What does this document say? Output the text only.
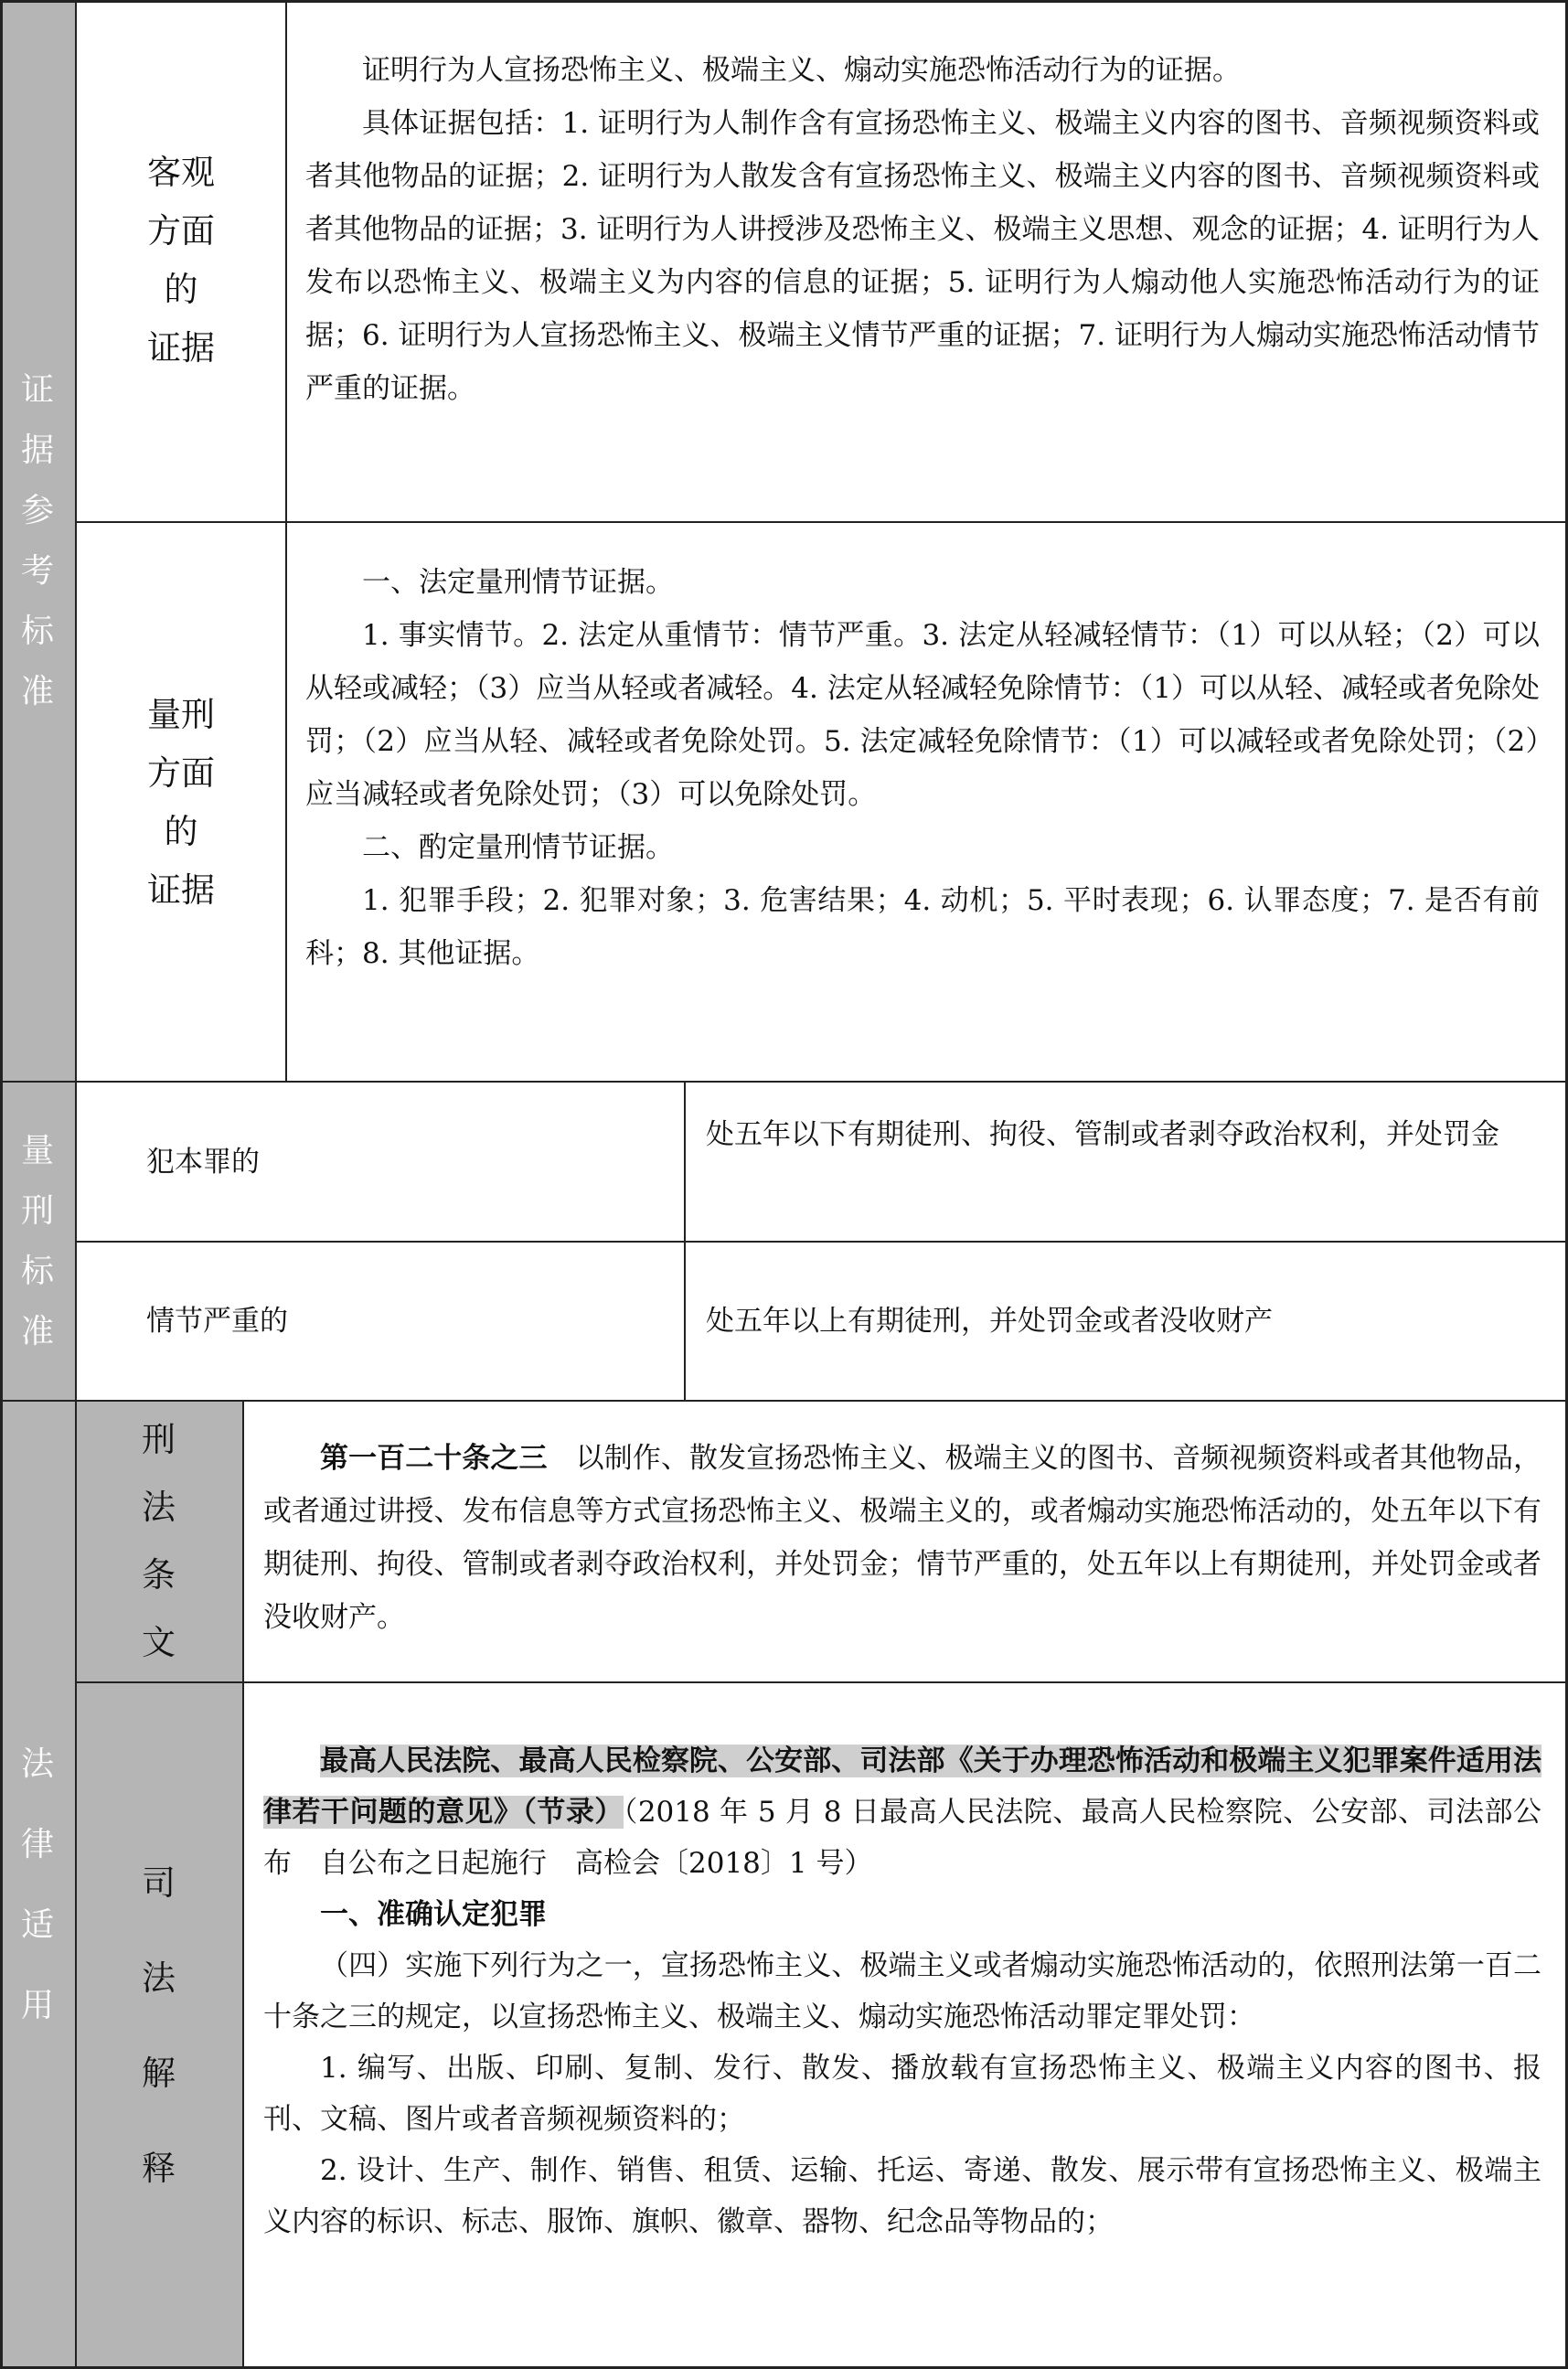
证
据
参
考
标
准
量
刑
标
准
法
律
适
用
客观
方面
的
证据

证明行为人宣扬恐怖主义、极端主义、煽动实施恐怖活动行为的证据。

具体证据包括：1. 证明行为人制作含有宣扬恐怖主义、极端主义内容的图书、音频视频资料或者其他物品的证据；2. 证明行为人散发含有宣扬恐怖主义、极端主义内容的图书、音频视频资料或者其他物品的证据；3. 证明行为人讲授涉及恐怖主义、极端主义思想、观念的证据；4. 证明行为人发布以恐怖主义、极端主义为内容的信息的证据；5. 证明行为人煽动他人实施恐怖活动行为的证据；6. 证明行为人宣扬恐怖主义、极端主义情节严重的证据；7. 证明行为人煽动实施恐怖活动情节严重的证据。

量刑
方面
的
证据

一、法定量刑情节证据。

1. 事实情节。2. 法定从重情节：情节严重。3. 法定从轻减轻情节：（1）可以从轻；（2）可以从轻或减轻；（3）应当从轻或者减轻。4. 法定从轻减轻免除情节：（1）可以从轻、减轻或者免除处罚；（2）应当从轻、减轻或者免除处罚。5. 法定减轻免除情节：（1）可以减轻或者免除处罚；（2）应当减轻或者免除处罚；（3）可以免除处罚。

二、酌定量刑情节证据。

1. 犯罪手段；2. 犯罪对象；3. 危害结果；4. 动机；5. 平时表现；6. 认罪态度；7. 是否有前科；8. 其他证据。

犯本罪的
处五年以下有期徒刑、拘役、管制或者剥夺政治权利，并处罚金
情节严重的	处五年以上有期徒刑，并处罚金或者没收财产
刑
法
条
文

第一百二十条之三　 以制作、散发宣扬恐怖主义、极端主义的图书、音频视频资料或者其他物品，或者通过讲授、发布信息等方式宣扬恐怖主义、极端主义的，或者煽动实施恐怖活动的，处五年以下有期徒刑、拘役、管制或者剥夺政治权利，并处罚金；情节严重的，处五年以上有期徒刑，并处罚金或者没收财产。

司
法
解
释

最高人民法院、最高人民检察院、公安部、司法部《关于办理恐怖活动和极端主义犯罪案件适用法律若干问题的意见》（节录）（2018 年 5 月 8 日最高人民法院、最高人民检察院、公安部、司法部公布　自公布之日起施行　高检会〔2018〕1 号）

一、准确认定犯罪

（四）实施下列行为之一，宣扬恐怖主义、极端主义或者煽动实施恐怖活动的，依照刑法第一百二十条之三的规定，以宣扬恐怖主义、极端主义、煽动实施恐怖活动罪定罪处罚：

1. 编写、出版、印刷、复制、发行、散发、播放载有宣扬恐怖主义、极端主义内容的图书、报刊、文稿、图片或者音频视频资料的；

2. 设计、生产、制作、销售、租赁、运输、托运、寄递、散发、展示带有宣扬恐怖主义、极端主义内容的标识、标志、服饰、旗帜、徽章、器物、纪念品等物品的；
